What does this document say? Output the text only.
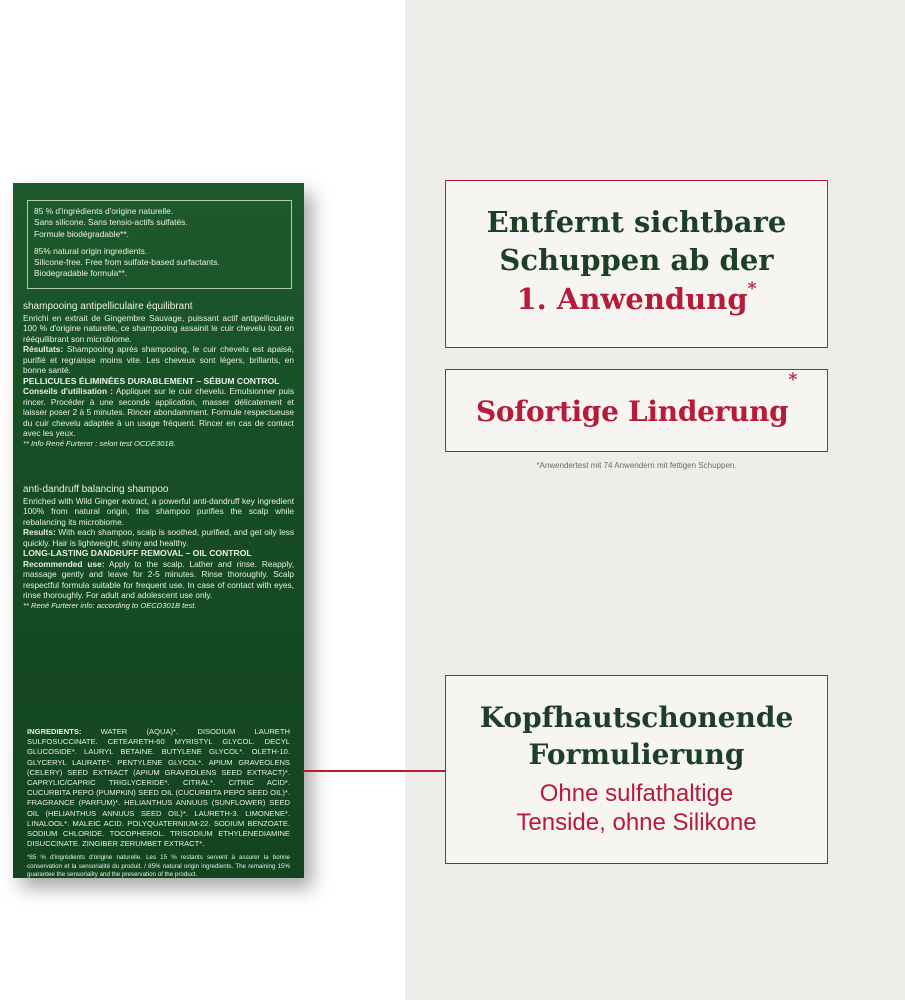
85 % d'ingrédients d'origine naturelle.

Sans silicone. Sans tensio-actifs sulfatés.

Formule biodégradable**.

85% natural origin ingredients.

Silicone-free. Free from sulfate-based surfactants.

Biodegradable formula**.

shampooing antipelliculaire équilibrant

Enrichi en extrait de Gingembre Sauvage, puissant actif antipelliculaire 100 % d'origine naturelle, ce shampooing assainit le cuir chevelu tout en rééquilibrant son microbiome.

Résultats: Shampooing après shampooing, le cuir chevelu est apaisé, purifié et regraisse moins vite. Les cheveux sont légers, brillants, en bonne santé.

PELLICULES ÉLIMINÉES DURABLEMENT – SÉBUM CONTROL

Conseils d'utilisation : Appliquer sur le cuir chevelu. Emulsionner puis rincer. Procéder à une seconde application, masser délicatement et laisser poser 2 à 5 minutes. Rincer abondamment. Formule respectueuse du cuir chevelu adaptée à un usage fréquent. Rincer en cas de contact avec les yeux.

** Info René Furterer : selon test OCDE301B.

anti-dandruff balancing shampoo

Enriched with Wild Ginger extract, a powerful anti-dandruff key ingredient 100% from natural origin, this shampoo purifies the scalp while rebalancing its microbiome.

Results: With each shampoo, scalp is soothed, purified, and get oily less quickly. Hair is lightweight, shiny and healthy.

LONG-LASTING DANDRUFF REMOVAL – OIL CONTROL

Recommended use: Apply to the scalp. Lather and rinse. Reapply, massage gently and leave for 2-5 minutes. Rinse thoroughly. Scalp respectful formula suitable for frequent use. In case of contact with eyes, rinse thoroughly. For adult and adolescent use only.

** René Furterer info: according to OECD301B test.

INGREDIENTS: WATER (AQUA)*. DISODIUM LAURETH SULFOSUCCINATE. CETEARETH-60 MYRISTYL GLYCOL. DECYL GLUCOSIDE*. LAURYL BETAINE. BUTYLENE GLYCOL*. OLETH-10. GLYCERYL LAURATE*. PENTYLENE GLYCOL*. APIUM GRAVEOLENS (CELERY) SEED EXTRACT (APIUM GRAVEOLENS SEED EXTRACT)*. CAPRYLIC/CAPRIC TRIGLYCERIDE*. CITRAL*. CITRIC ACID*. CUCURBITA PEPO (PUMPKIN) SEED OIL (CUCURBITA PEPO SEED OIL)*. FRAGRANCE (PARFUM)*. HELIANTHUS ANNUUS (SUNFLOWER) SEED OIL (HELIANTHUS ANNUUS SEED OIL)*. LAURETH-3. LIMONENE*. LINALOOL*. MALEIC ACID. POLYQUATERNIUM-22. SODIUM BENZOATE. SODIUM CHLORIDE. TOCOPHEROL. TRISODIUM ETHYLENEDIAMINE DISUCCINATE. ZINGIBER ZERUMBET EXTRACT*.
*85 % d'ingrédients d'origine naturelle. Les 15 % restants servent à assurer la bonne conservation et la sensorialité du produit. / 85% natural origin ingredients. The remaining 15% guarantee the sensoriality and the preservation of the product.
Entfernt sichtbare
Schuppen ab der
1. Anwendung*
Sofortige Linderung*
*Anwendertest mit 74 Anwendern mit fettigen Schuppen.
Kopfhautschonende
Formulierung
Ohne sulfathaltige
Tenside, ohne Silikone
